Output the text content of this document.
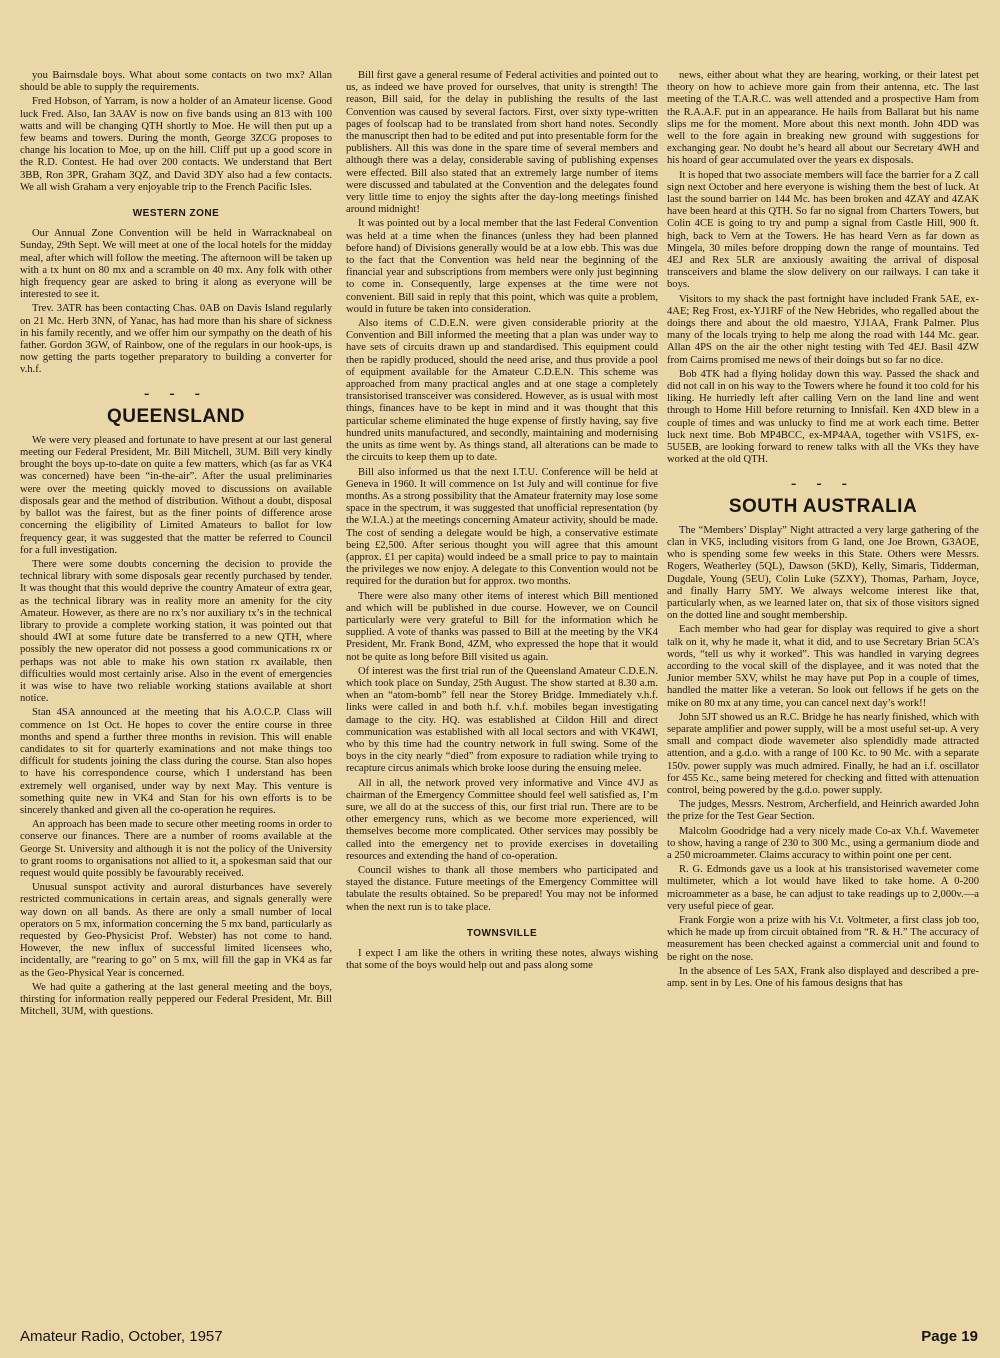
you Bairnsdale boys. What about some contacts on two mx? Allan should be able to supply the requirements.

Fred Hobson, of Yarram, is now a holder of an Amateur license. Good luck Fred. Also, Ian 3AAV is now on five bands using an 813 with 100 watts and will be changing QTH shortly to Moe. He will then put up a few beams and towers. During the month, George 3ZCG proposes to change his location to Moe, up on the hill. Cliff put up a good score in the R.D. Contest. He had over 200 contacts. We understand that Bert 3BB, Ron 3PR, Graham 3QZ, and David 3DY also had a few contacts. We all wish Graham a very enjoyable trip to the French Pacific Isles.

WESTERN ZONE

Our Annual Zone Convention will be held in Warracknabeal on Sunday, 29th Sept. We will meet at one of the local hotels for the midday meal, after which will follow the meeting. The afternoon will be taken up with a tx hunt on 80 mx and a scramble on 40 mx. Any folk with other high frequency gear are asked to bring it along as everyone will be interested to see it.

Trev. 3ATR has been contacting Chas. 0AB on Davis Island regularly on 21 Mc. Herb 3NN, of Yanac, has had more than his share of sickness in his family recently, and we offer him our sympathy on the death of his father. Gordon 3GW, of Rainbow, one of the regulars in our hook-ups, is now getting the parts together preparatory to building a converter for v.h.f.

- - -
QUEENSLAND

We were very pleased and fortunate to have present at our last general meeting our Federal President, Mr. Bill Mitchell, 3UM. Bill very kindly brought the boys up-to-date on quite a few matters, which (as far as VK4 was concerned) have been “in-the-air”. After the usual preliminaries were over the meeting quickly moved to discussions on available disposals gear and the method of distribution. Without a doubt, disposal by ballot was the fairest, but as the finer points of difference arose concerning the eligibility of Limited Amateurs to ballot for low frequency gear, it was suggested that the matter be referred to Council for a full investigation.

There were some doubts concerning the decision to provide the technical library with some disposals gear recently purchased by tender. It was thought that this would deprive the country Amateur of extra gear, as the technical library was in reality more an amenity for the city Amateur. However, as there are no rx’s nor auxiliary tx’s in the technical library to provide a complete working station, it was pointed out that should 4WI at some future date be transferred to a new QTH, where possibly the new operator did not possess a good communications rx or perhaps was not able to make his own station rx available, then difficulties would most certainly arise. Also in the event of emergencies it was wise to have two reliable working stations available at short notice.

Stan 4SA announced at the meeting that his A.O.C.P. Class will commence on 1st Oct. He hopes to cover the entire course in three months and spend a further three months in revision. This will enable candidates to sit for quarterly examinations and not make things too difficult for students joining the class during the course. Stan also hopes to have his correspondence course, which I understand has been extremely well organised, under way by next May. This venture is something quite new in VK4 and Stan for his own efforts is to be sincerely thanked and given all the co-operation he requires.

An approach has been made to secure other meeting rooms in order to conserve our finances. There are a number of rooms available at the George St. University and although it is not the policy of the University to grant rooms to organisations not allied to it, a spokesman said that our request would quite possibly be favourably received.

Unusual sunspot activity and auroral disturbances have severely restricted communications in certain areas, and signals generally were way down on all bands. As there are only a small number of local operators on 5 mx, information concerning the 5 mx band, particularly as requested by Geo-Physicist Prof. Webster) has not come to hand. However, the new influx of successful limited licensees who, incidentally, are “rearing to go” on 5 mx, will fill the gap in VK4 as far as the Geo-Physical Year is concerned.

We had quite a gathering at the last general meeting and the boys, thirsting for information really peppered our Federal President, Mr. Bill Mitchell, 3UM, with questions.

Bill first gave a general resume of Federal activities and pointed out to us, as indeed we have proved for ourselves, that unity is strength! The reason, Bill said, for the delay in publishing the results of the last Convention was caused by several factors. First, over sixty type-written pages of foolscap had to be translated from short hand notes. Secondly the manuscript then had to be edited and put into presentable form for the publishers. All this was done in the spare time of several members and although there was a delay, considerable saving of publishing expenses were effected. Bill also stated that an extremely large number of items were discussed and tabulated at the Convention and the delegates found very little time to enjoy the sights after the day-long meetings finished around midnight!

It was pointed out by a local member that the last Federal Convention was held at a time when the finances (unless they had been planned before hand) of Divisions generally would be at a low ebb. This was due to the fact that the Convention was held near the beginning of the financial year and subscriptions from members were only just beginning to come in. Consequently, large expenses at the time were not convenient. Bill said in reply that this point, which was quite a problem, would in future be taken into consideration.

Also items of C.D.E.N. were given considerable priority at the Convention and Bill informed the meeting that a plan was under way to have sets of circuits drawn up and standardised. This equipment could then be rapidly produced, should the need arise, and thus provide a pool of equipment available for the Amateur C.D.E.N. This scheme was approached from many practical angles and at one stage a completely transistorised transceiver was considered. However, as is usual with most things, finances have to be kept in mind and it was thought that this particular scheme eliminated the huge expense of firstly having, say five hundred units manufactured, and secondly, maintaining and modernising the units as time went by. As things stand, all alterations can be made to the circuits to keep them up to date.

Bill also informed us that the next I.T.U. Conference will be held at Geneva in 1960. It will commence on 1st July and will continue for five months. As a strong possibility that the Amateur fraternity may lose some space in the spectrum, it was suggested that unofficial representation (by the W.I.A.) at the meetings concerning Amateur activity, should be made. The cost of sending a delegate would be high, a conservative estimate being £2,500. After serious thought you will agree that this amount (approx. £1 per capita) would indeed be a small price to pay to maintain the privileges we now enjoy. A delegate to this Convention would not be required for the duration but for approx. two months.

There were also many other items of interest which Bill mentioned and which will be published in due course. However, we on Council particularly were very grateful to Bill for the information which he supplied. A vote of thanks was passed to Bill at the meeting by the VK4 President, Mr. Frank Bond, 4ZM, who expressed the hope that it would not be quite as long before Bill visited us again.

Of interest was the first trial run of the Queensland Amateur C.D.E.N. which took place on Sunday, 25th August. The show started at 8.30 a.m. when an “atom-bomb” fell near the Storey Bridge. Immediately v.h.f. links were called in and both h.f. v.h.f. mobiles began investigating damage to the city. HQ. was established at Cildon Hill and direct communication was established with all local sectors and with VK4WI, who by this time had the country network in full swing. Some of the boys in the city nearly “died” from exposure to radiation while trying to recapture circus animals which broke loose during the ensuing melee.

All in all, the network proved very informative and Vince 4VJ as chairman of the Emergency Committee should feel well satisfied as, I’m sure, we all do at the success of this, our first trial run. There are to be other emergency runs, which as we become more experienced, will themselves become more complicated. Other services may possibly be called into the emergency net to provide exercises in dovetailing resources and extending the hand of co-operation.

Council wishes to thank all those members who participated and stayed the distance. Future meetings of the Emergency Committee will tabulate the results obtained. So be prepared! You may not be informed when the next run is to take place.

TOWNSVILLE

I expect I am like the others in writing these notes, always wishing that some of the boys would help out and pass along some

news, either about what they are hearing, working, or their latest pet theory on how to achieve more gain from their antenna, etc. The last meeting of the T.A.R.C. was well attended and a prospective Ham from the R.A.A.F. put in an appearance. He hails from Ballarat but his name slips me for the moment. More about this next month. John 4DD was well to the fore again in breaking new ground with suggestions for exchanging gear. No doubt he’s heard all about our Secretary 4WH and his hoard of gear accumulated over the years ex disposals.

It is hoped that two associate members will face the barrier for a Z call sign next October and here everyone is wishing them the best of luck. At last the sound barrier on 144 Mc. has been broken and 4ZAY and 4ZAK have been heard at this QTH. So far no signal from Charters Towers, but Colin 4CE is going to try and pump a signal from Castle Hill, 900 ft. high, back to Vern at the Towers. He has heard Vern as far down as Mingela, 30 miles before dropping down the range of mountains. Ted 4EJ and Rex 5LR are anxiously awaiting the arrival of disposal transceivers and blame the slow delivery on our railways. I can take it boys.

Visitors to my shack the past fortnight have included Frank 5AE, ex-4AE; Reg Frost, ex-YJ1RF of the New Hebrides, who regalled about the doings there and about the old maestro, YJ1AA, Frank Palmer. Plus many of the locals trying to help me along the road with 144 Mc. gear. Allan 4PS on the air the other night testing with Ted 4EJ. Basil 4ZW from Cairns promised me news of their doings but so far no dice.

Bob 4TK had a flying holiday down this way. Passed the shack and did not call in on his way to the Towers where he found it too cold for his liking. He hurriedly left after calling Vern on the land line and went through to Home Hill before returning to Innisfail. Ken 4XD blew in a couple of times and was unlucky to find me at work each time. Better luck next time. Bob MP4BCC, ex-MP4AA, together with VS1FS, ex-5U5EB, are looking forward to renew talks with all the VKs they have worked at the old QTH.

- - -
SOUTH AUSTRALIA

The “Members’ Display” Night attracted a very large gathering of the clan in VK5, including visitors from G land, one Joe Brown, G3AOE, who is spending some few weeks in this State. Others were Messrs. Rogers, Weatherley (5QL), Dawson (5KD), Kelly, Simaris, Tidderman, Dugdale, Young (5EU), Colin Luke (5ZXY), Thomas, Parham, Joyce, and finally Harry 5MY. We always welcome interest like that, particularly when, as we learned later on, that six of those visitors signed on the dotted line and sought membership.

Each member who had gear for display was required to give a short talk on it, why he made it, what it did, and to use Secretary Brian 5CA’s words, “tell us why it worked”. This was handled in varying degrees according to the vocal skill of the displayee, and it was noted that the Junior member 5XV, whilst he may have put Pop in a couple of times, handled the matter like a veteran. So look out fellows if he gets on the mike on 80 mx at any time, you can cancel next day’s work!!

John 5JT showed us an R.C. Bridge he has nearly finished, which with separate amplifier and power supply, will be a most useful set-up. A very small and compact diode wavemeter also splendidly made attracted attention, and a g.d.o. with a range of 100 Kc. to 90 Mc. with a separate 150v. power supply was much admired. Finally, he had an i.f. oscillator for 455 Kc., same being metered for checking and fitted with attenuation control, being powered by the g.d.o. power supply.

The judges, Messrs. Nestrom, Archerfield, and Heinrich awarded John the prize for the Test Gear Section.

Malcolm Goodridge had a very nicely made Co-ax V.h.f. Wavemeter to show, having a range of 230 to 300 Mc., using a germanium diode and a 250 microammeter. Claims accuracy to within point one per cent.

R. G. Edmonds gave us a look at his transistorised wavemeter come multimeter, which a lot would have liked to take home. A 0-200 microammeter as a base, he can adjust to take readings up to 2,000v.—a very useful piece of gear.

Frank Forgie won a prize with his V.t. Voltmeter, a first class job too, which he made up from circuit obtained from “R. & H.” The accuracy of measurement has been checked against a commercial unit and found to be right on the nose.

In the absence of Les 5AX, Frank also displayed and described a pre-amp. sent in by Les. One of his famous designs that has

Amateur Radio, October, 1957	Page 19
